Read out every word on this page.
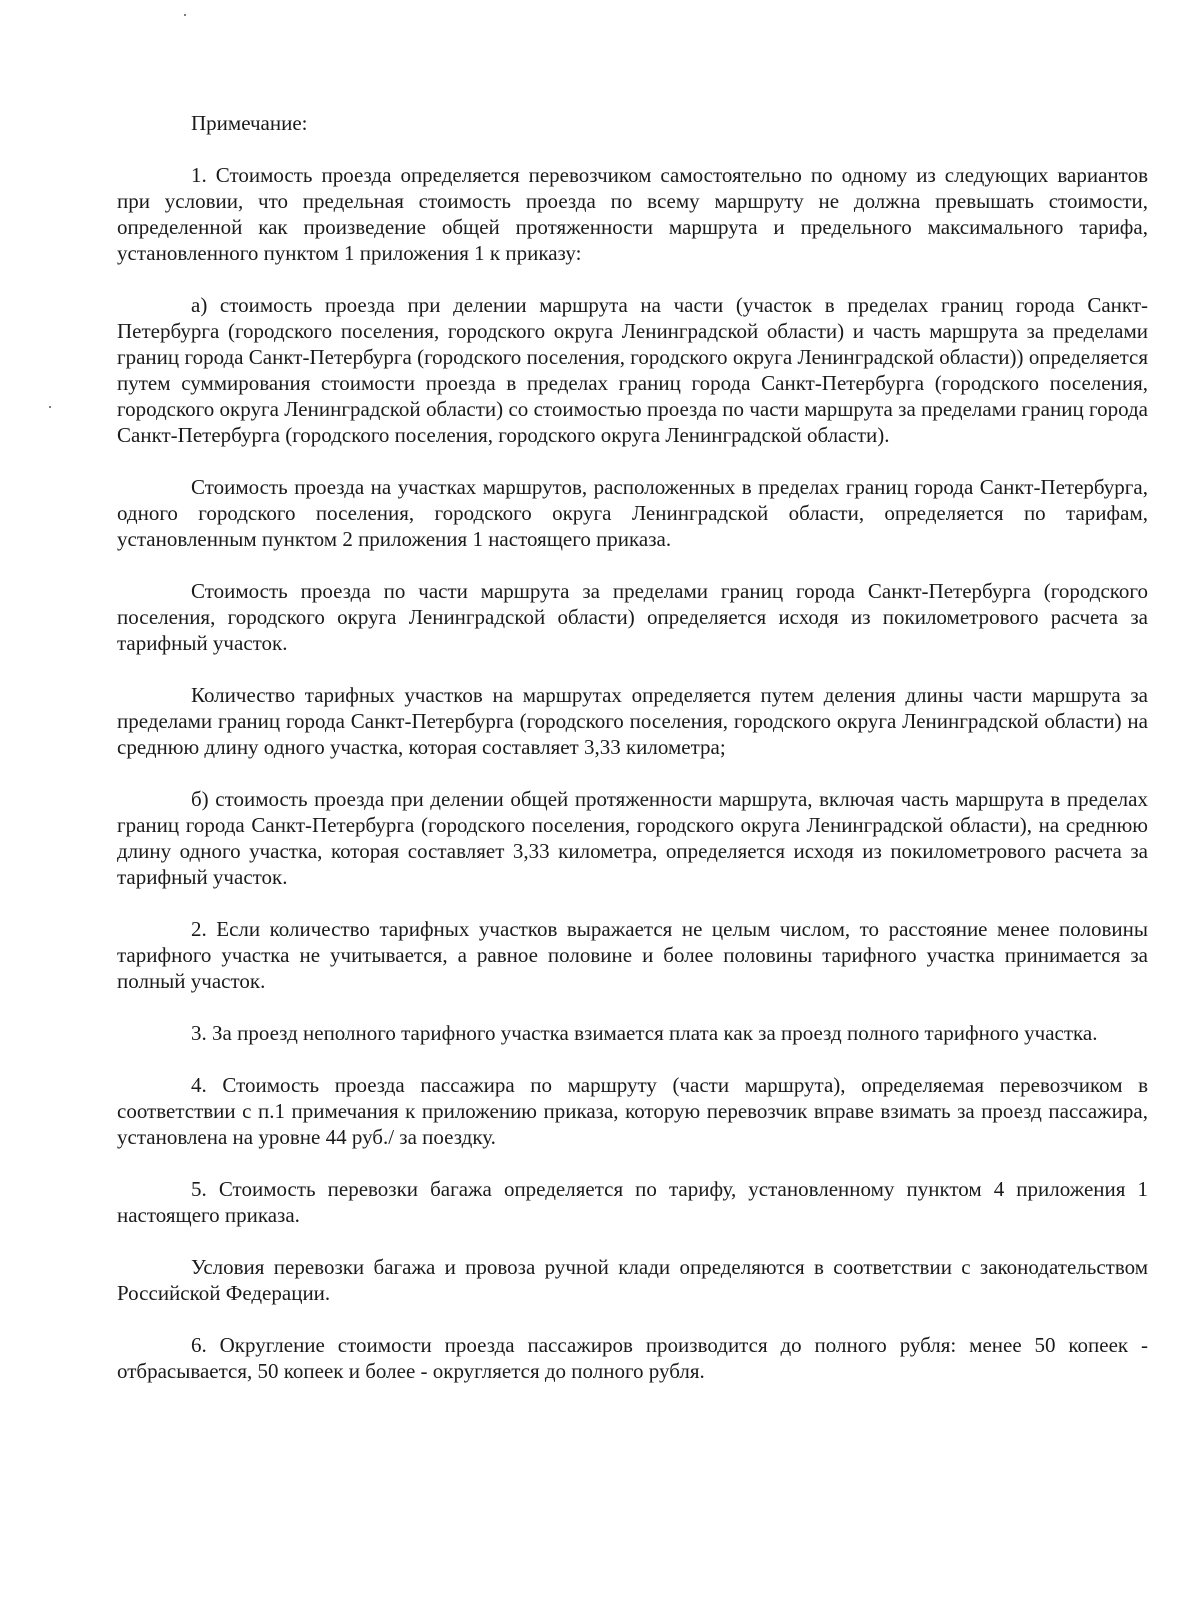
Примечание:

1. Стоимость проезда определяется перевозчиком самостоятельно по одному из следующих вариантов при условии, что предельная стоимость проезда по всему маршруту не должна превышать стоимости, определенной как произведение общей протяженности маршрута и предельного максимального тарифа, установленного пунктом 1 приложения 1 к приказу:

а) стоимость проезда при делении маршрута на части (участок в пределах границ города Санкт-Петербурга (городского поселения, городского округа Ленинградской области) и часть маршрута за пределами границ города Санкт-Петербурга (городского поселения, городского округа Ленинградской области)) определяется путем суммирования стоимости проезда в пределах границ города Санкт-Петербурга (городского поселения, городского округа Ленинградской области) со стоимостью проезда по части маршрута за пределами границ города Санкт-Петербурга (городского поселения, городского округа Ленинградской области).

Стоимость проезда на участках маршрутов, расположенных в пределах границ города Санкт-Петербурга, одного городского поселения, городского округа Ленинградской области, определяется по тарифам, установленным пунктом 2 приложения 1 настоящего приказа.

Стоимость проезда по части маршрута за пределами границ города Санкт-Петербурга (городского поселения, городского округа Ленинградской области) определяется исходя из покилометрового расчета за тарифный участок.

Количество тарифных участков на маршрутах определяется путем деления длины части маршрута за пределами границ города Санкт-Петербурга (городского поселения, городского округа Ленинградской области) на среднюю длину одного участка, которая составляет 3,33 километра;

б) стоимость проезда при делении общей протяженности маршрута, включая часть маршрута в пределах границ города Санкт-Петербурга (городского поселения, городского округа Ленинградской области), на среднюю длину одного участка, которая составляет 3,33 километра, определяется исходя из покилометрового расчета за тарифный участок.

2. Если количество тарифных участков выражается не целым числом, то расстояние менее половины тарифного участка не учитывается, а равное половине и более половины тарифного участка принимается за полный участок.

3. За проезд неполного тарифного участка взимается плата как за проезд полного тарифного участка.

4. Стоимость проезда пассажира по маршруту (части маршрута), определяемая перевозчиком в соответствии с п.1 примечания к приложению приказа, которую перевозчик вправе взимать за проезд пассажира, установлена на уровне 44 руб./ за поездку.

5. Стоимость перевозки багажа определяется по тарифу, установленному пунктом 4 приложения 1 настоящего приказа.

Условия перевозки багажа и провоза ручной клади определяются в соответствии с законодательством Российской Федерации.

6. Округление стоимости проезда пассажиров производится до полного рубля: менее 50 копеек - отбрасывается, 50 копеек и более - округляется до полного рубля.
